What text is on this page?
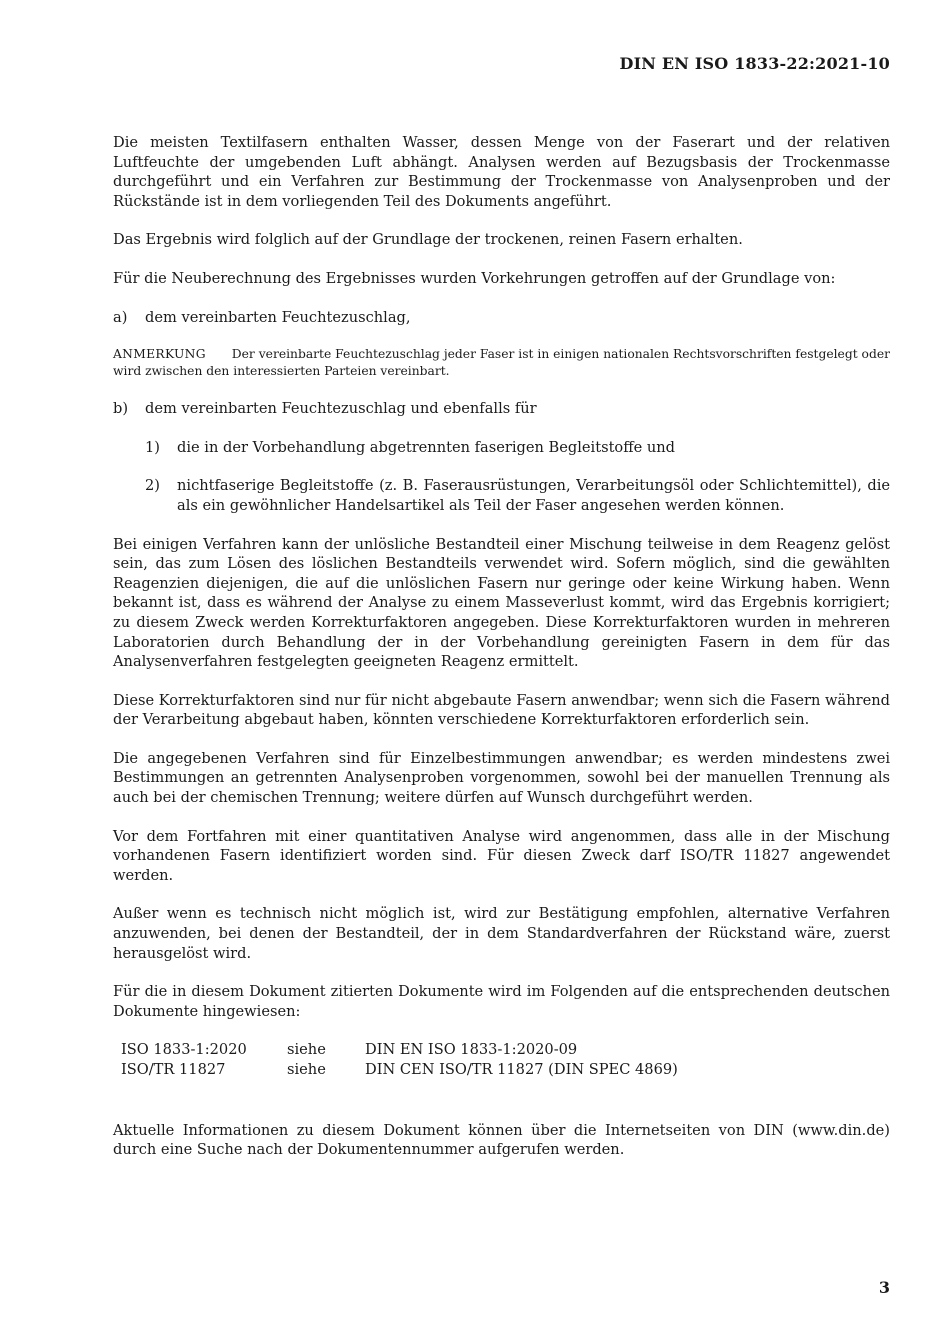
DIN EN ISO 1833-22:2021-10

Die meisten Textilfasern enthalten Wasser, dessen Menge von der Faserart und der relativen Luftfeuchte der umgebenden Luft abhängt. Analysen werden auf Bezugsbasis der Trockenmasse durchgeführt und ein Verfahren zur Bestimmung der Trockenmasse von Analysenproben und der Rückstände ist in dem vorliegenden Teil des Dokuments angeführt.

Das Ergebnis wird folglich auf der Grundlage der trockenen, reinen Fasern erhalten.

Für die Neuberechnung des Ergebnisses wurden Vorkehrungen getroffen auf der Grundlage von:

a)	dem vereinbarten Feuchtezuschlag,
ANMERKUNG Der vereinbarte Feuchtezuschlag jeder Faser ist in einigen nationalen Rechtsvorschriften festgelegt oder wird zwischen den interessierten Parteien vereinbart.
b)	dem vereinbarten Feuchtezuschlag und ebenfalls für
1)	die in der Vorbehandlung abgetrennten faserigen Begleitstoffe und
2)	nichtfaserige Begleitstoffe (z. B. Faserausrüstungen, Verarbeitungsöl oder Schlichtemittel), die als ein gewöhnlicher Handelsartikel als Teil der Faser angesehen werden können.

Bei einigen Verfahren kann der unlösliche Bestandteil einer Mischung teilweise in dem Reagenz gelöst sein, das zum Lösen des löslichen Bestandteils verwendet wird. Sofern möglich, sind die gewählten Reagenzien diejenigen, die auf die unlöslichen Fasern nur geringe oder keine Wirkung haben. Wenn bekannt ist, dass es während der Analyse zu einem Masseverlust kommt, wird das Ergebnis korrigiert; zu diesem Zweck werden Korrekturfaktoren angegeben. Diese Korrekturfaktoren wurden in mehreren Laboratorien durch Behandlung der in der Vorbehandlung gereinigten Fasern in dem für das Analysenverfahren festgelegten geeigneten Reagenz ermittelt.

Diese Korrekturfaktoren sind nur für nicht abgebaute Fasern anwendbar; wenn sich die Fasern während der Verarbeitung abgebaut haben, könnten verschiedene Korrekturfaktoren erforderlich sein.

Die angegebenen Verfahren sind für Einzelbestimmungen anwendbar; es werden mindestens zwei Bestimmungen an getrennten Analysenproben vorgenommen, sowohl bei der manuellen Trennung als auch bei der chemischen Trennung; weitere dürfen auf Wunsch durchgeführt werden.

Vor dem Fortfahren mit einer quantitativen Analyse wird angenommen, dass alle in der Mischung vorhandenen Fasern identifiziert worden sind. Für diesen Zweck darf ISO/TR 11827 angewendet werden.

Außer wenn es technisch nicht möglich ist, wird zur Bestätigung empfohlen, alternative Verfahren anzuwenden, bei denen der Bestandteil, der in dem Standardverfahren der Rückstand wäre, zuerst herausgelöst wird.

Für die in diesem Dokument zitierten Dokumente wird im Folgenden auf die entsprechenden deutschen Dokumente hingewiesen:

ISO 1833-1:2020	siehe	DIN EN ISO 1833-1:2020-09
ISO/TR 11827	siehe	DIN CEN ISO/TR 11827 (DIN SPEC 4869)

Aktuelle Informationen zu diesem Dokument können über die Internetseiten von DIN (www.din.de) durch eine Suche nach der Dokumentennummer aufgerufen werden.

3
